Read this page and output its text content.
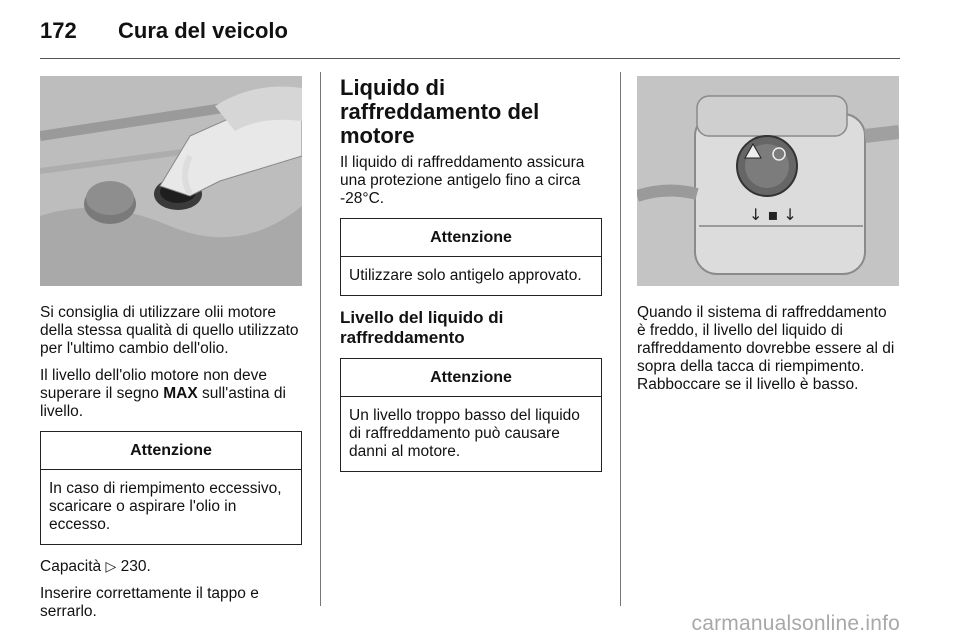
172 Cura del veicolo

Si consiglia di utilizzare olii motore della stessa qualità di quello utilizzato per l'ultimo cambio dell'olio.

Il livello dell'olio motore non deve superare il segno MAX sull'astina di livello.

Attenzione
In caso di riempimento eccessivo, scaricare o aspirare l'olio in eccesso.

Capacità ▷ 230.

Inserire correttamente il tappo e serrarlo.

Liquido di raffreddamento del motore

Il liquido di raffreddamento assicura una protezione antigelo fino a circa -28°C.

Attenzione
Utilizzare solo antigelo approvato.
Livello del liquido di raffreddamento
Attenzione
Un livello troppo basso del liquido di raffreddamento può causare danni al motore.
↓ ▪ ↓

Quando il sistema di raffreddamento è freddo, il livello del liquido di raffreddamento dovrebbe essere al di sopra della tacca di riempimento. Rabboccare se il livello è basso.

carmanualsonline.info
